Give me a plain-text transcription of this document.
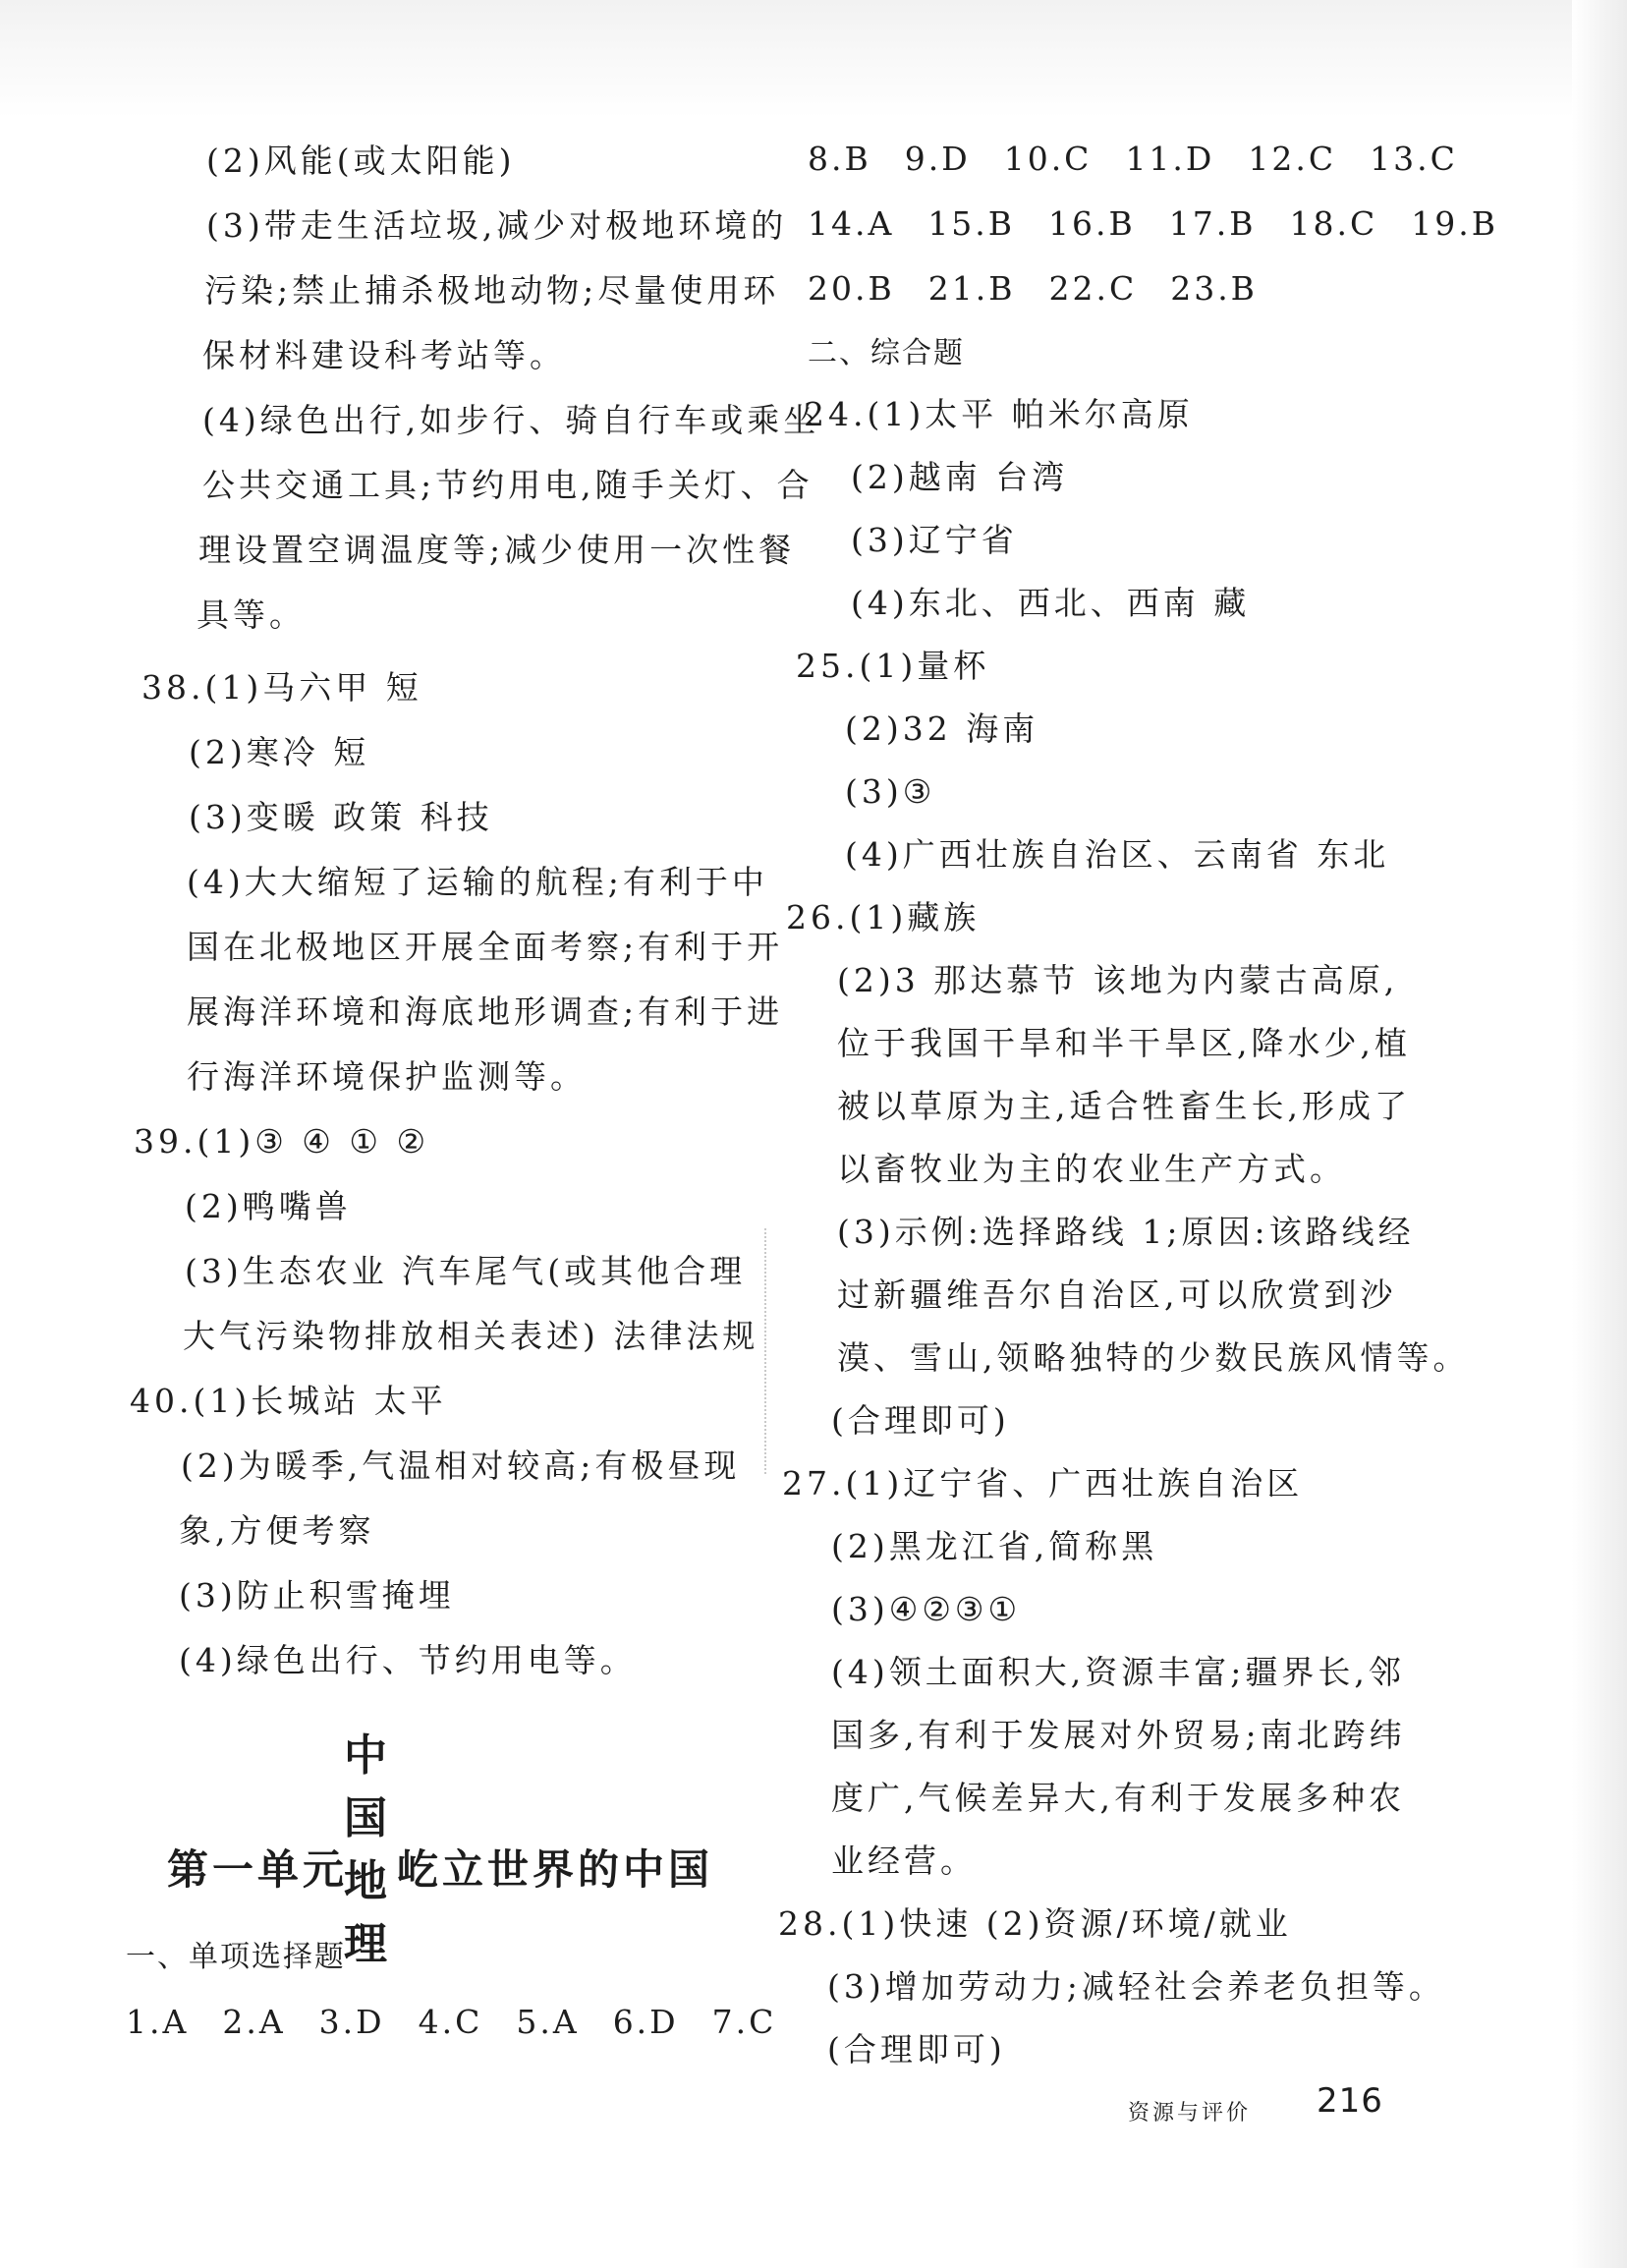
(2)风能(或太阳能)
(3)带走生活垃圾,减少对极地环境的
污染;禁止捕杀极地动物;尽量使用环
保材料建设科考站等。
(4)绿色出行,如步行、骑自行车或乘坐
公共交通工具;节约用电,随手关灯、合
理设置空调温度等;减少使用一次性餐
具等。
38.(1)马六甲 短
(2)寒冷 短
(3)变暖 政策 科技
(4)大大缩短了运输的航程;有利于中
国在北极地区开展全面考察;有利于开
展海洋环境和海底地形调查;有利于进
行海洋环境保护监测等。
39.(1)③ ④ ① ②
(2)鸭嘴兽
(3)生态农业 汽车尾气(或其他合理
大气污染物排放相关表述) 法律法规
40.(1)长城站 太平
(2)为暖季,气温相对较高;有极昼现
象,方便考察
(3)防止积雪掩埋
(4)绿色出行、节约用电等。
中国地理
第一单元 屹立世界的中国
一、单项选择题
1.A 2.A 3.D 4.C 5.A 6.D 7.C
8.B 9.D 10.C 11.D 12.C 13.C
14.A 15.B 16.B 17.B 18.C 19.B
20.B 21.B 22.C 23.B
二、综合题
24.(1)太平 帕米尔高原
(2)越南 台湾
(3)辽宁省
(4)东北、西北、西南 藏
25.(1)量杯
(2)32 海南
(3)③
(4)广西壮族自治区、云南省 东北
26.(1)藏族
(2)3 那达慕节 该地为内蒙古高原,
位于我国干旱和半干旱区,降水少,植
被以草原为主,适合牲畜生长,形成了
以畜牧业为主的农业生产方式。
(3)示例:选择路线 1;原因:该路线经
过新疆维吾尔自治区,可以欣赏到沙
漠、雪山,领略独特的少数民族风情等。
(合理即可)
27.(1)辽宁省、广西壮族自治区
(2)黑龙江省,简称黑
(3)④②③①
(4)领土面积大,资源丰富;疆界长,邻
国多,有利于发展对外贸易;南北跨纬
度广,气候差异大,有利于发展多种农
业经营。
28.(1)快速 (2)资源/环境/就业
(3)增加劳动力;减轻社会养老负担等。
(合理即可)
资源与评价 216
